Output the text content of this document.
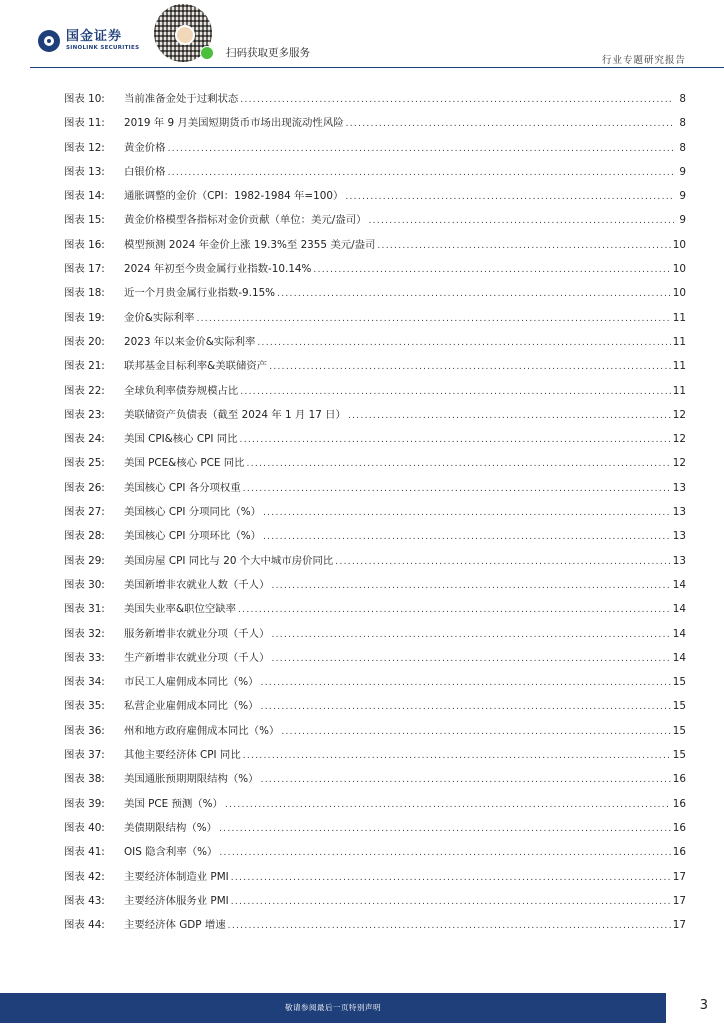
国金证券
SINOLINK SECURITIES	扫码获取更多服务
行业专题研究报告
图表 10:	当前准备金处于过剩状态 .....	8
图表 11:	2019 年 9 月美国短期货币市场出现流动性风险 .....	8
图表 12:	黄金价格 .....	8
图表 13:	白银价格 .....	9
图表 14:	通胀调整的金价（CPI：1982-1984 年=100） .....	9
图表 15:	黄金价格模型各指标对金价贡献（单位：美元/盎司） .....	9
图表 16:	模型预测 2024 年金价上涨 19.3%至 2355 美元/盎司 .....	10
图表 17:	2024 年初至今贵金属行业指数-10.14% .....	10
图表 18:	近一个月贵金属行业指数-9.15% .....	10
图表 19:	金价&实际利率 .....	11
图表 20:	2023 年以来金价&实际利率 .....	11
图表 21:	联邦基金目标利率&美联储资产 .....	11
图表 22:	全球负利率债券规模占比 .....	11
图表 23:	美联储资产负债表（截至 2024 年 1 月 17 日） .....	12
图表 24:	美国 CPI&核心 CPI 同比 .....	12
图表 25:	美国 PCE&核心 PCE 同比 .....	12
图表 26:	美国核心 CPI 各分项权重 .....	13
图表 27:	美国核心 CPI 分项同比（%） .....	13
图表 28:	美国核心 CPI 分项环比（%） .....	13
图表 29:	美国房屋 CPI 同比与 20 个大中城市房价同比 .....	13
图表 30:	美国新增非农就业人数（千人） .....	14
图表 31:	美国失业率&职位空缺率 .....	14
图表 32:	服务新增非农就业分项（千人） .....	14
图表 33:	生产新增非农就业分项（千人） .....	14
图表 34:	市民工人雇佣成本同比（%） .....	15
图表 35:	私营企业雇佣成本同比（%） .....	15
图表 36:	州和地方政府雇佣成本同比（%） .....	15
图表 37:	其他主要经济体 CPI 同比 .....	15
图表 38:	美国通胀预期期限结构（%） .....	16
图表 39:	美国 PCE 预测（%） .....	16
图表 40:	美债期限结构（%） .....	16
图表 41:	OIS 隐含利率（%） .....	16
图表 42:	主要经济体制造业 PMI .....	17
图表 43:	主要经济体服务业 PMI .....	17
图表 44:	主要经济体 GDP 增速 .....	17
敬请参阅最后一页特别声明	3
